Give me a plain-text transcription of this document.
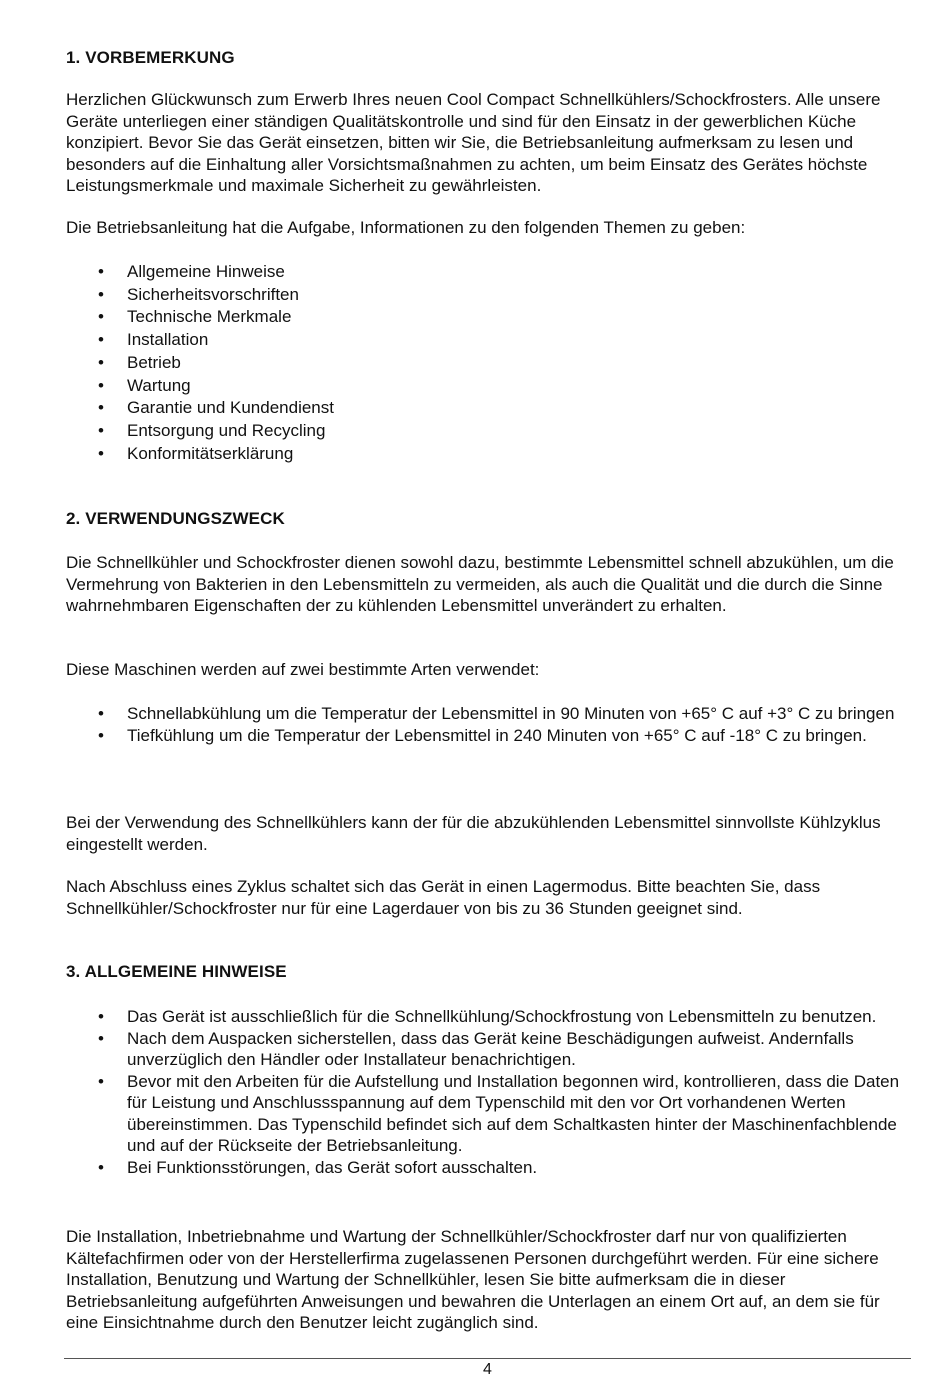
1. VORBEMERKUNG

Herzlichen Glückwunsch zum Erwerb Ihres neuen Cool Compact Schnellkühlers/Schockfrosters. Alle unsere Geräte unterliegen einer ständigen Qualitätskontrolle und sind für den Einsatz in der gewerblichen Küche konzipiert. Bevor Sie das Gerät einsetzen, bitten wir Sie, die Betriebsanleitung aufmerksam zu lesen und besonders auf die Einhaltung aller Vorsichtsmaßnahmen zu achten, um beim Einsatz des Gerätes höchste Leistungsmerkmale und maximale Sicherheit zu gewährleisten.

Die Betriebsanleitung hat die Aufgabe, Informationen zu den folgenden Themen zu geben:

• Allgemeine Hinweise
• Sicherheitsvorschriften
• Technische Merkmale
• Installation
• Betrieb
• Wartung
• Garantie und Kundendienst
• Entsorgung und Recycling
• Konformitätserklärung
2. VERWENDUNGSZWECK

Die Schnellkühler und Schockfroster dienen sowohl dazu, bestimmte Lebensmittel schnell abzukühlen, um die Vermehrung von Bakterien in den Lebensmitteln zu vermeiden, als auch die Qualität und die durch die Sinne wahrnehmbaren Eigenschaften der zu kühlenden Lebensmittel unverändert zu erhalten.

Diese Maschinen werden auf zwei bestimmte Arten verwendet:

• Schnellabkühlung um die Temperatur der Lebensmittel in 90 Minuten von +65° C auf +3° C zu bringen
• Tiefkühlung um die Temperatur der Lebensmittel in 240 Minuten von +65° C auf -18° C zu bringen.

Bei der Verwendung des Schnellkühlers kann der für die abzukühlenden Lebensmittel sinnvollste Kühlzyklus eingestellt werden.

Nach Abschluss eines Zyklus schaltet sich das Gerät in einen Lagermodus. Bitte beachten Sie, dass Schnellkühler/Schockfroster nur für eine Lagerdauer von bis zu 36 Stunden geeignet sind.

3. ALLGEMEINE HINWEISE
• Das Gerät ist ausschließlich für die Schnellkühlung/Schockfrostung von Lebensmitteln zu benutzen.
• Nach dem Auspacken sicherstellen, dass das Gerät keine Beschädigungen aufweist. Andernfalls unverzüglich den Händler oder Installateur benachrichtigen.
• Bevor mit den Arbeiten für die Aufstellung und Installation begonnen wird, kontrollieren, dass die Daten für Leistung und Anschlussspannung auf dem Typenschild mit den vor Ort vorhandenen Werten übereinstimmen. Das Typenschild befindet sich auf dem Schaltkasten hinter der Maschinenfachblende und auf der Rückseite der Betriebsanleitung.
• Bei Funktionsstörungen, das Gerät sofort ausschalten.

Die Installation, Inbetriebnahme und Wartung der Schnellkühler/Schockfroster darf nur von qualifizierten Kältefachfirmen oder von der Herstellerfirma zugelassenen Personen durchgeführt werden. Für eine sichere Installation, Benutzung und Wartung der Schnellkühler, lesen Sie bitte aufmerksam die in dieser Betriebsanleitung aufgeführten Anweisungen und bewahren die Unterlagen an einem Ort auf, an dem sie für eine Einsichtnahme durch den Benutzer leicht zugänglich sind.

4
